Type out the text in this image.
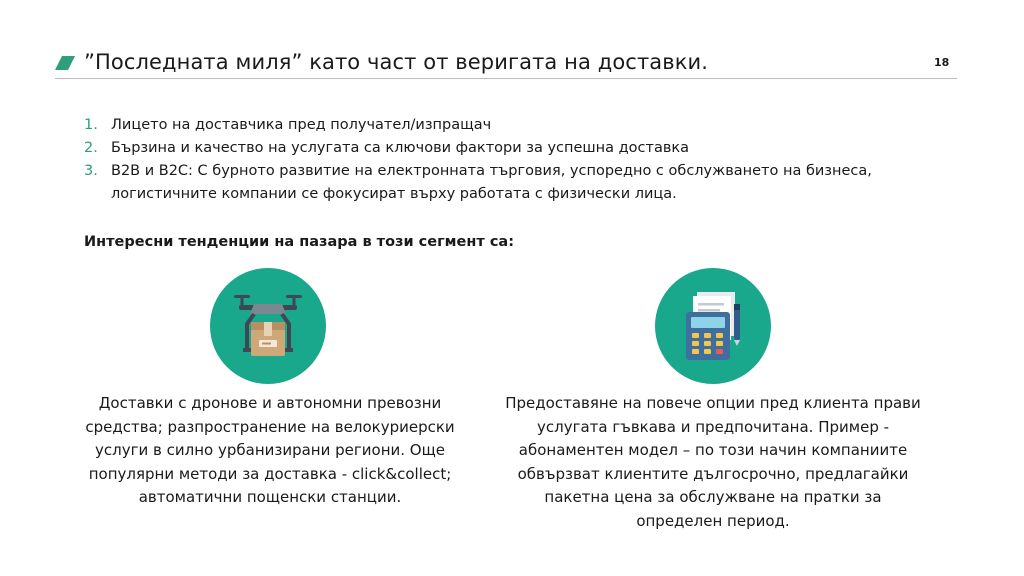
”Последната миля” като част от веригата на доставки.	18
1. Лицето на доставчика пред получател/изпращач
2. Бързина и качество на услугата са ключови фактори за успешна доставка
3. B2B и B2C: С бурното развитие на електронната търговия, успоредно с обслужването на бизнеса, логистичните компании се фокусират върху работата с физически лица.
Интересни тенденции на пазара в този сегмент са:

Доставки с дронове и автономни превозни средства; разпространение на велокуриерски услуги в силно урбанизирани региони. Още популярни методи за доставка - click&collect; автоматични пощенски станции.

Предоставяне на повече опции пред клиента прави услугата гъвкава и предпочитана. Пример - абонаментен модел – по този начин компаниите обвързват клиентите дългосрочно, предлагайки пакетна цена за обслужване на пратки за определен период.
